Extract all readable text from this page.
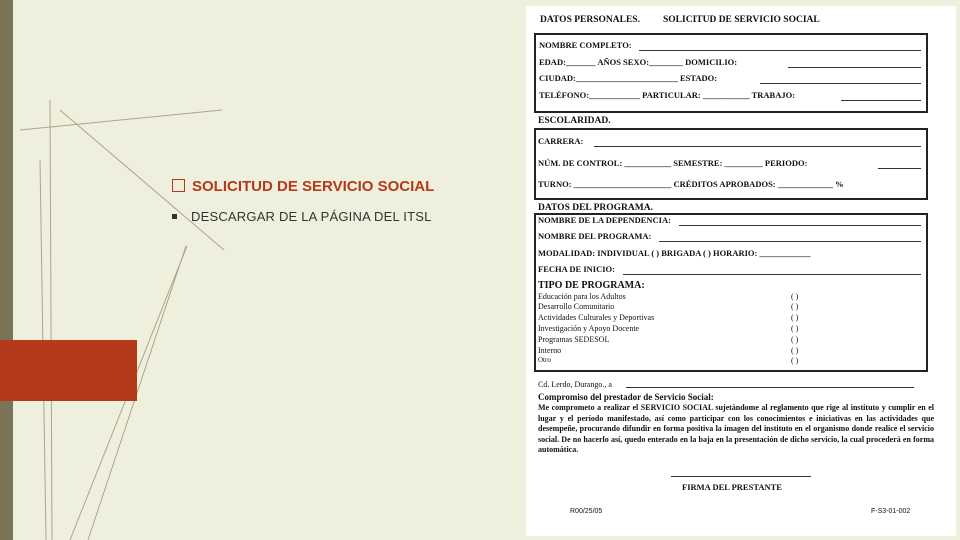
SOLICITUD DE SERVICIO SOCIAL
DESCARGAR DE LA PÁGINA DEL ITSL
DATOS PERSONALES. SOLICITUD DE SERVICIO SOCIAL
NOMBRE COMPLETO:
EDAD:_______ AÑOS SEXO:________ DOMICILIO:
CIUDAD:________________________ ESTADO:
TELÉFONO:____________ PARTICULAR: ___________ TRABAJO:
ESCOLARIDAD.
CARRERA:
NÚM. DE CONTROL: ___________ SEMESTRE: _________ PERIODO:
TURNO: _______________________ CRÉDITOS APROBADOS: _____________ %
DATOS DEL PROGRAMA.
NOMBRE DE LA DEPENDENCIA:
NOMBRE DEL PROGRAMA:
MODALIDAD: INDIVIDUAL ( ) BRIGADA ( ) HORARIO: ____________
FECHA DE INICIO:
TIPO DE PROGRAMA:
Educación para los Adultos
Desarrollo Comunitario
Actividades Culturales y Deportivas
Investigación y Apoyo Docente
Programas SEDESOL
Interno
Otro
( )
( )
( )
( )
( )
( )
( )
Cd. Lerdo, Durango., a
Compromiso del prestador de Servicio Social:
Me comprometo a realizar el SERVICIO SOCIAL sujetándome al reglamento que rige al instituto y cumplir en el lugar y el período manifestado, así como participar con los conocimientos e iniciativas en las actividades que desempeñe, procurando difundir en forma positiva la imagen del instituto en el organismo donde realice el servicio social. De no hacerlo así, quedo enterado en la baja en la presentación de dicho servicio, la cual procederá en forma automática.
FIRMA DEL PRESTANTE
R00/25/05	F-S3-01-002
